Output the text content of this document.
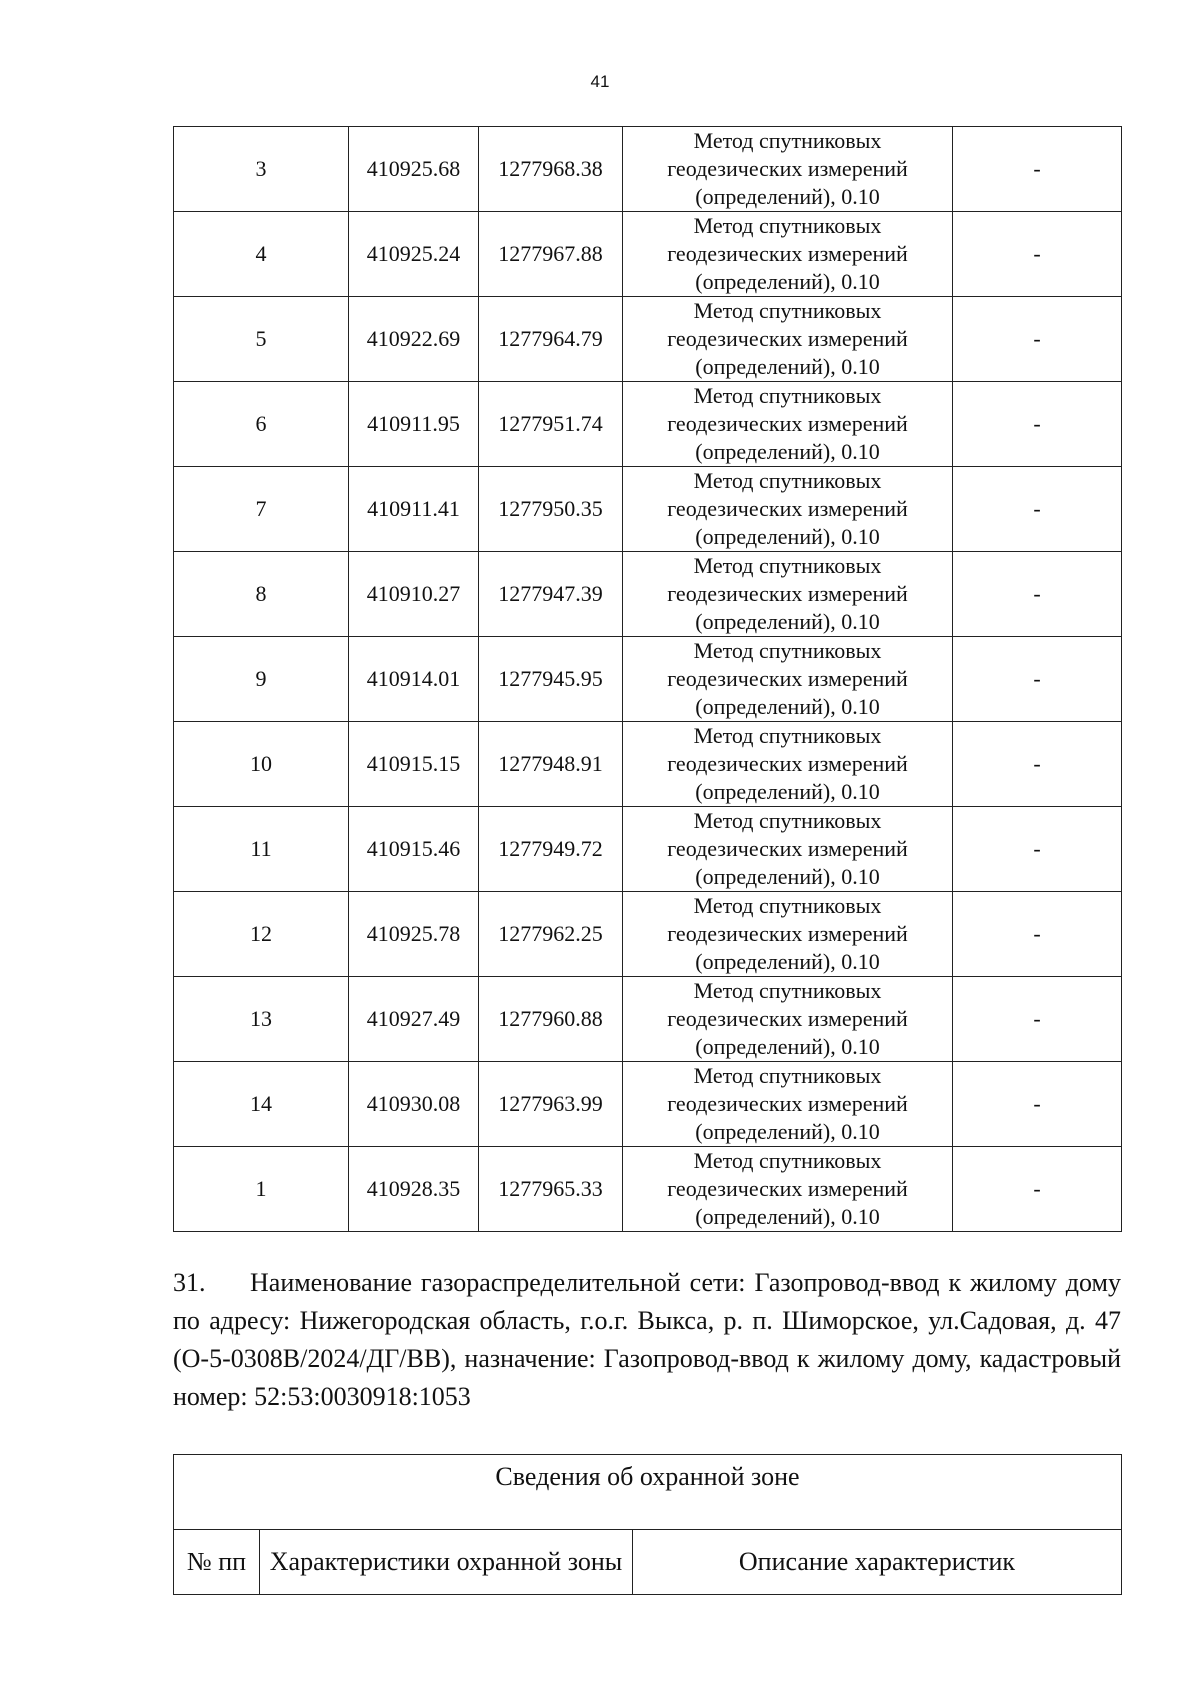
41
3	410925.68	1277968.38	Метод спутниковых
геодезических измерений
(определений), 0.10	-
4	410925.24	1277967.88	Метод спутниковых
геодезических измерений
(определений), 0.10	-
5	410922.69	1277964.79	Метод спутниковых
геодезических измерений
(определений), 0.10	-
6	410911.95	1277951.74	Метод спутниковых
геодезических измерений
(определений), 0.10	-
7	410911.41	1277950.35	Метод спутниковых
геодезических измерений
(определений), 0.10	-
8	410910.27	1277947.39	Метод спутниковых
геодезических измерений
(определений), 0.10	-
9	410914.01	1277945.95	Метод спутниковых
геодезических измерений
(определений), 0.10	-
10	410915.15	1277948.91	Метод спутниковых
геодезических измерений
(определений), 0.10	-
11	410915.46	1277949.72	Метод спутниковых
геодезических измерений
(определений), 0.10	-
12	410925.78	1277962.25	Метод спутниковых
геодезических измерений
(определений), 0.10	-
13	410927.49	1277960.88	Метод спутниковых
геодезических измерений
(определений), 0.10	-
14	410930.08	1277963.99	Метод спутниковых
геодезических измерений
(определений), 0.10	-
1	410928.35	1277965.33	Метод спутниковых
геодезических измерений
(определений), 0.10	-
31. Наименование газораспределительной сети: Газопровод-ввод к жилому дому по адресу: Нижегородская область, г.о.г. Выкса, р. п. Шиморское, ул.Садовая, д. 47 (О-5-0308В/2024/ДГ/ВВ), назначение: Газопровод-ввод к жилому дому, кадастровый номер: 52:53:0030918:1053
Сведения об охранной зоне
№ пп	Характеристики охранной зоны	Описание характеристик
